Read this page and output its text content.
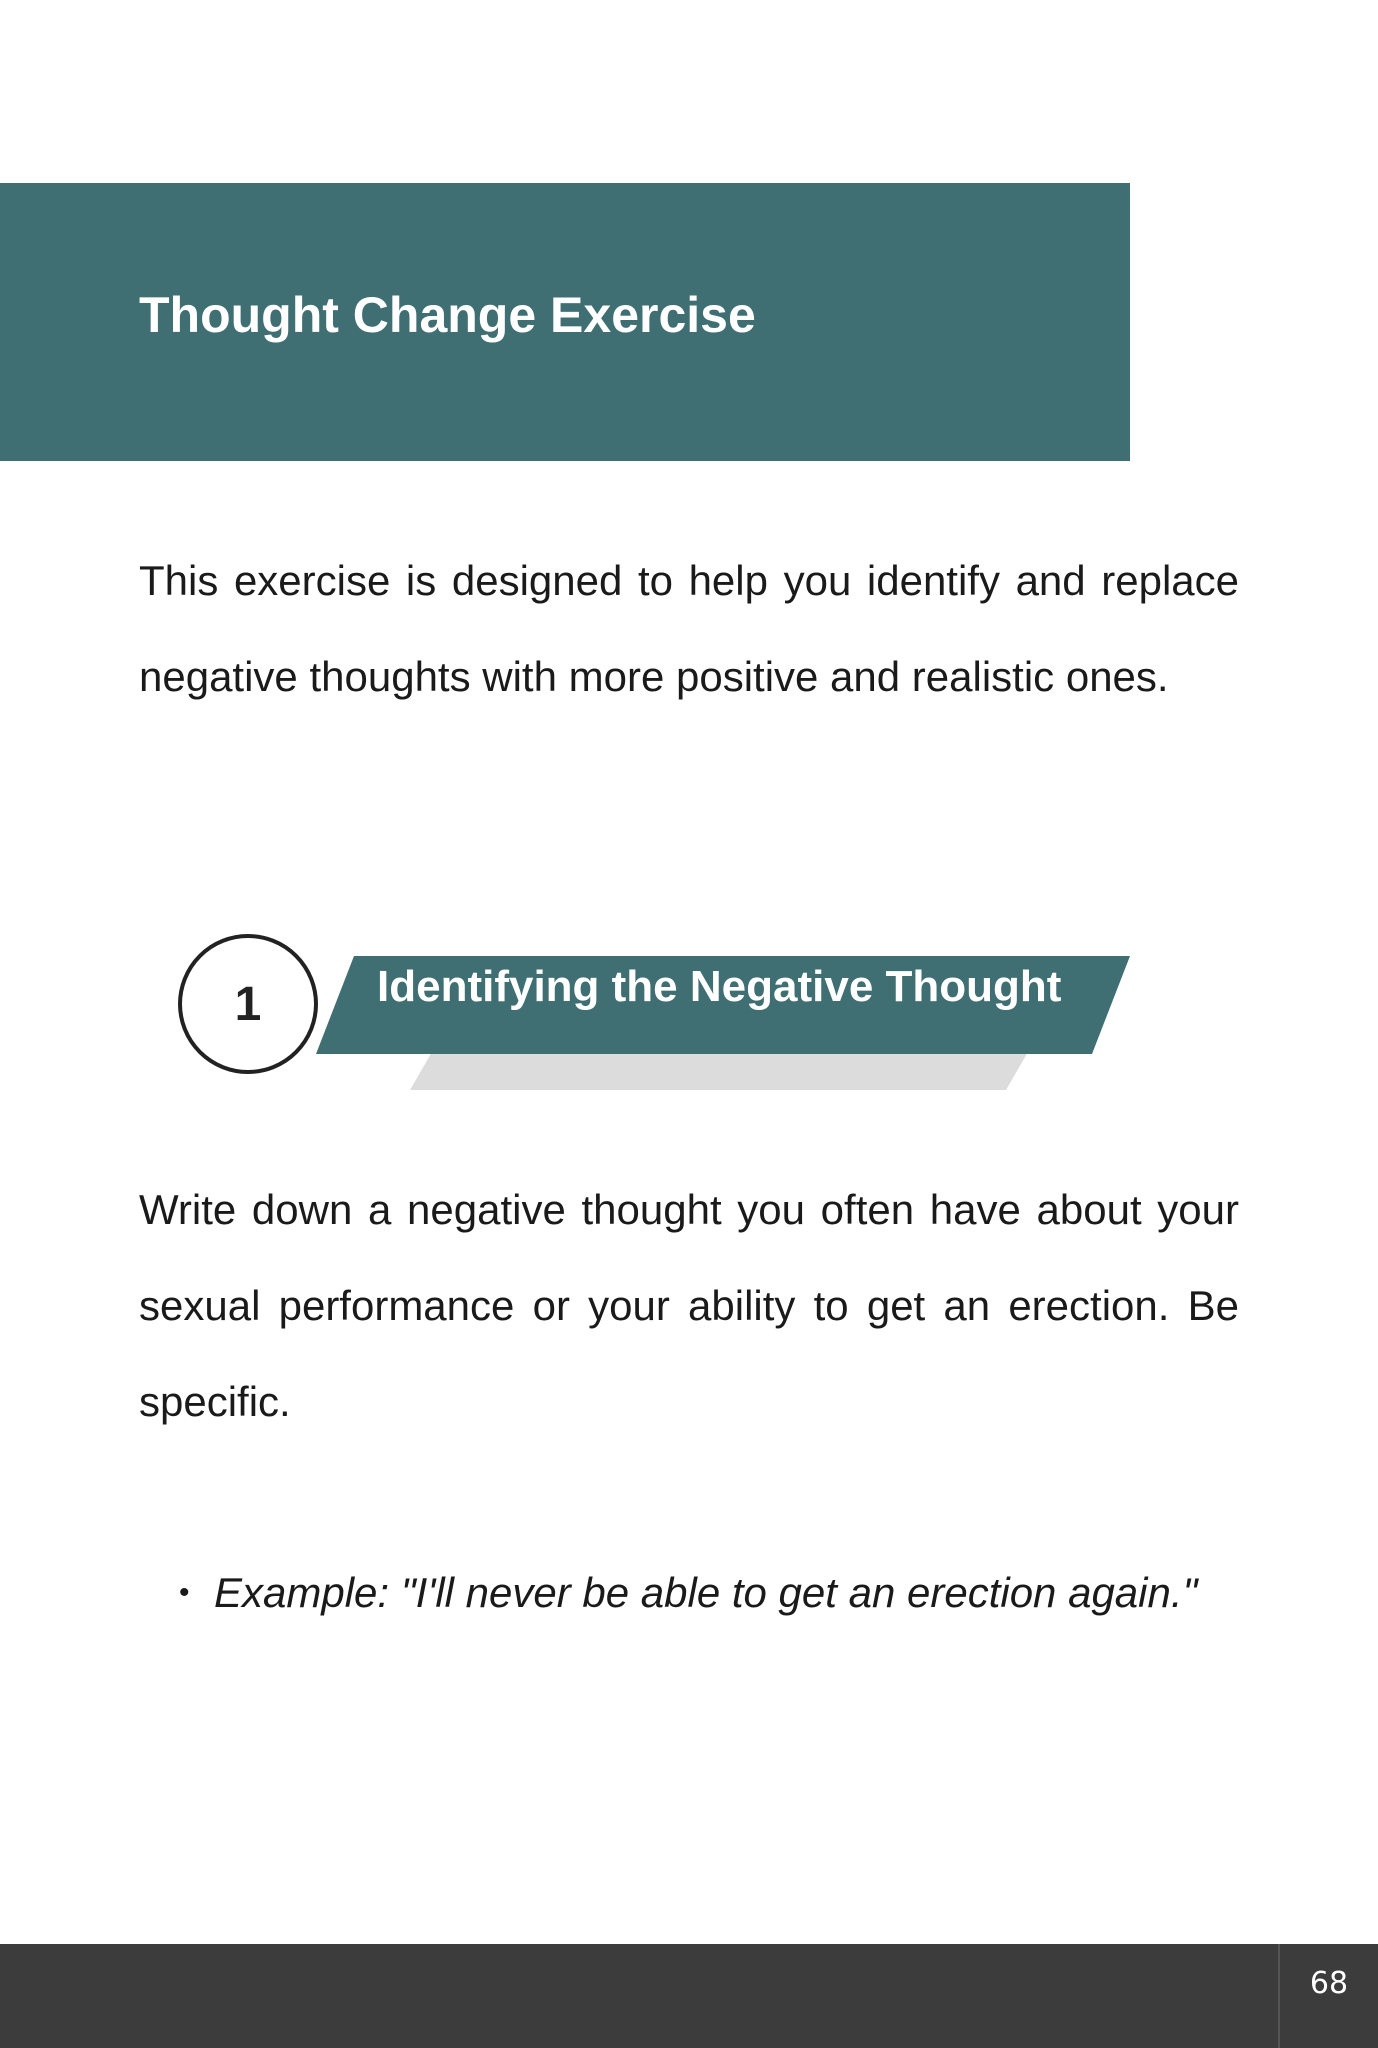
Thought Change Exercise

This exercise is designed to help you identify and replace negative thoughts with more positive and realistic ones.

1	Identifying the Negative Thought

Write down a negative thought you often have about your sexual performance or your ability to get an erection. Be specific.

• Example: "I'll never be able to get an erection again."
68
